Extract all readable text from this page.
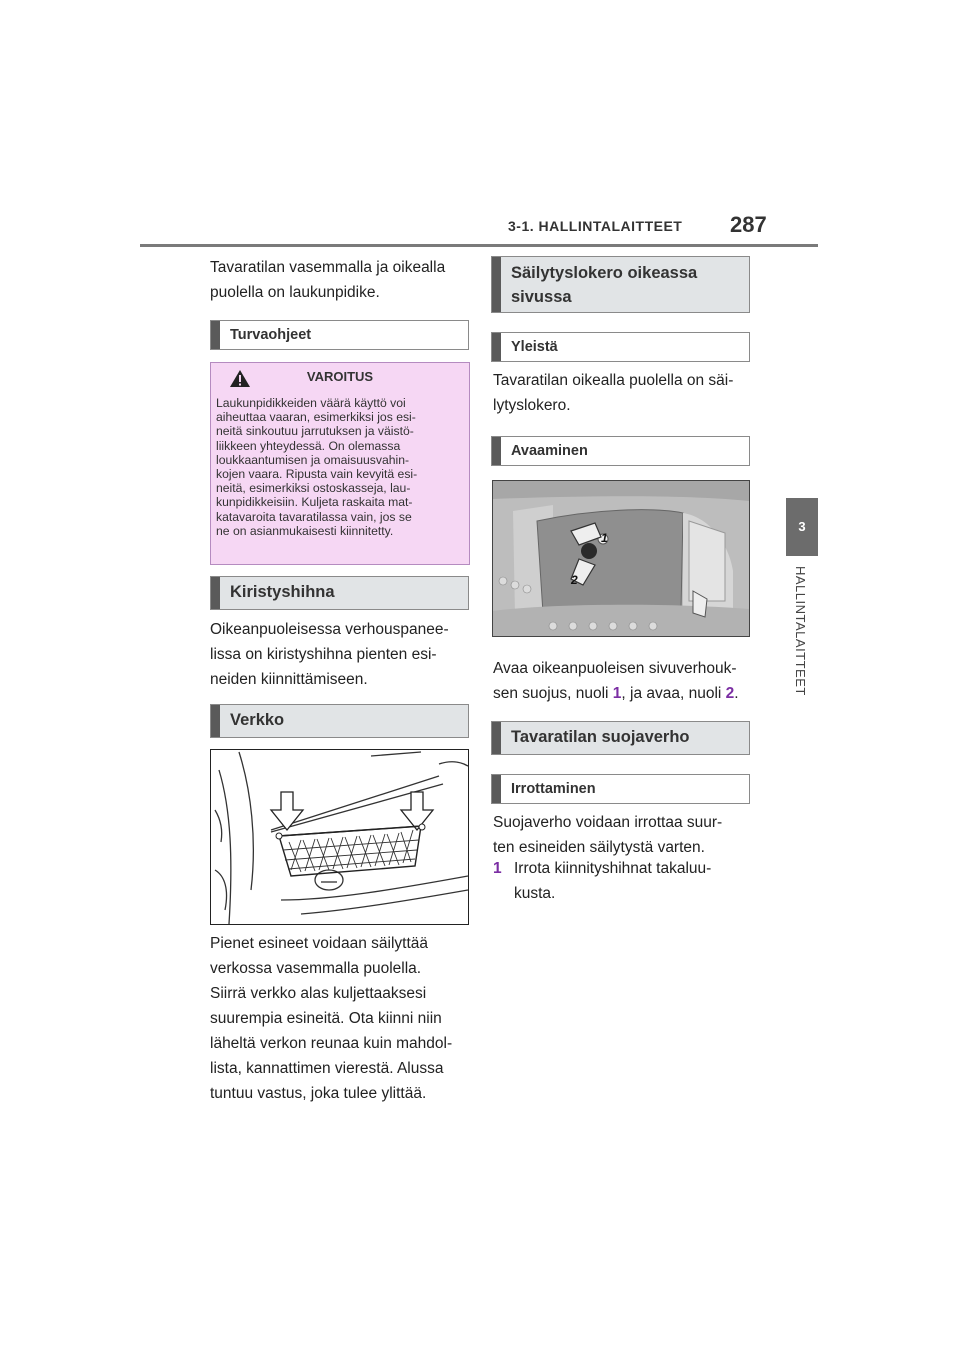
3-1. HALLINTALAITTEET 287
3
HALLINTALAITTEET

Tavaratilan vasemmalla ja oikealla

puolella on laukunpidike.

Turvaohjeet
VAROITUS
Laukunpidikkeiden väärä käyttö voi
aiheuttaa vaaran, esimerkiksi jos esi-
neitä sinkoutuu jarrutuksen ja väistö-
liikkeen yhteydessä. On olemassa
loukkaantumisen ja omaisuusvahin-
kojen vaara. Ripusta vain kevyitä esi-
neitä, esimerkiksi ostoskasseja, lau-
kunpidikkeisiin. Kuljeta raskaita mat-
katavaroita tavaratilassa vain, jos se
ne on asianmukaisesti kiinnitetty.
Kiristyshihna

Oikeanpuoleisessa verhouspanee-

lissa on kiristyshihna pienten esi-

neiden kiinnittämiseen.

Verkko

Pienet esineet voidaan säilyttää

verkossa vasemmalla puolella.

Siirrä verkko alas kuljettaaksesi

suurempia esineitä. Ota kiinni niin

läheltä verkon reunaa kuin mahdol-

lista, kannattimen vierestä. Alussa

tuntuu vastus, joka tulee ylittää.

Säilytyslokero oikeassa
sivussa
Yleistä

Tavaratilan oikealla puolella on säi-

lytyslokero.

Avaaminen
1
2

Avaa oikeanpuoleisen sivuverhouk-

sen suojus, nuoli 1, ja avaa, nuoli 2.

Tavaratilan suojaverho
Irrottaminen

Suojaverho voidaan irrottaa suur-

ten esineiden säilytystä varten.

1 Irrota kiinnityshihnat takaluu-

kusta.
